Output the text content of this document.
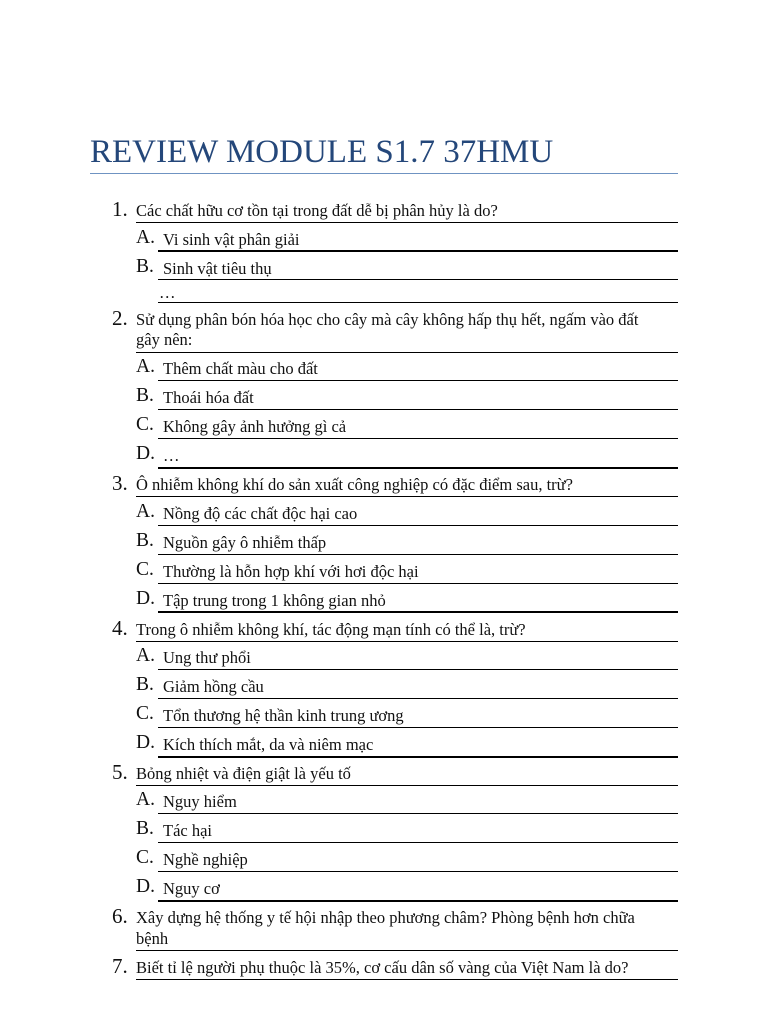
REVIEW MODULE S1.7 37HMU
1. Các chất hữu cơ tồn tại trong đất dễ bị phân hủy là do?
A. Vi sinh vật phân giải
B. Sinh vật tiêu thụ
…
2. Sử dụng phân bón hóa học cho cây mà cây không hấp thụ hết, ngấm vào đất
gây nên:
A. Thêm chất màu cho đất
B. Thoái hóa đất
C. Không gây ảnh hưởng gì cả
D. …
3. Ô nhiễm không khí do sản xuất công nghiệp có đặc điểm sau, trừ?
A. Nồng độ các chất độc hại cao
B. Nguồn gây ô nhiễm thấp
C. Thường là hỗn hợp khí với hơi độc hại
D. Tập trung trong 1 không gian nhỏ
4. Trong ô nhiễm không khí, tác động mạn tính có thể là, trừ?
A. Ung thư phổi
B. Giảm hồng cầu
C. Tổn thương hệ thần kinh trung ương
D. Kích thích mắt, da và niêm mạc
5. Bỏng nhiệt và điện giật là yếu tố
A. Nguy hiểm
B. Tác hại
C. Nghề nghiệp
D. Nguy cơ
6. Xây dựng hệ thống y tế hội nhập theo phương châm? Phòng bệnh hơn chữa
bệnh
7. Biết tỉ lệ người phụ thuộc là 35%, cơ cấu dân số vàng của Việt Nam là do?
